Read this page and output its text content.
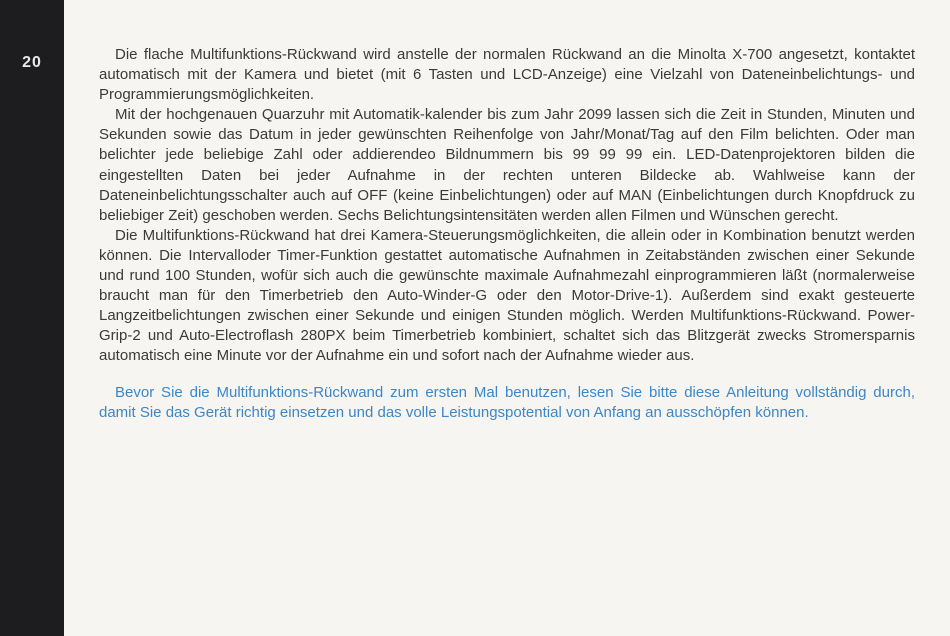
20	Die flache Multifunktions-Rückwand wird anstelle der normalen Rückwand an die Minolta X-700 angesetzt, kontaktet automatisch mit der Kamera und bietet (mit 6 Tasten und LCD-Anzeige) eine Vielzahl von Dateneinbelichtungs- und Programmierungsmöglichkeiten.

Mit der hochgenauen Quarzuhr mit Automatik-kalender bis zum Jahr 2099 lassen sich die Zeit in Stunden, Minuten und Sekunden sowie das Datum in jeder gewünschten Reihenfolge von Jahr/Monat/Tag auf den Film belichten. Oder man belichter jede beliebige Zahl oder addierendeo Bildnummern bis 99 99 99 ein. LED-Datenprojektoren bilden die eingestellten Daten bei jeder Aufnahme in der rechten unteren Bildecke ab. Wahlweise kann der Dateneinbelichtungsschalter auch auf OFF (keine Einbelichtungen) oder auf MAN (Einbelichtungen durch Knopfdruck zu beliebiger Zeit) geschoben werden. Sechs Belichtungsintensitäten werden allen Filmen und Wünschen gerecht.

Die Multifunktions-Rückwand hat drei Kamera-Steuerungsmöglichkeiten, die allein oder in Kombination benutzt werden können. Die Intervalloder Timer-Funktion gestattet automatische Aufnahmen in Zeitabständen zwischen einer Sekunde und rund 100 Stunden, wofür sich auch die gewünschte maximale Aufnahmezahl einprogrammieren läßt (normalerweise braucht man für den Timerbetrieb den Auto-Winder-G oder den Motor-Drive-1). Außerdem sind exakt gesteuerte Langzeitbelichtungen zwischen einer Sekunde und einigen Stunden möglich. Werden Multifunktions-Rückwand. Power-Grip-2 und Auto-Electroflash 280PX beim Timerbetrieb kombiniert, schaltet sich das Blitzgerät zwecks Stromersparnis automatisch eine Minute vor der Aufnahme ein und sofort nach der Aufnahme wieder aus.

Bevor Sie die Multifunktions-Rückwand zum ersten Mal benutzen, lesen Sie bitte diese Anleitung vollständig durch, damit Sie das Gerät richtig einsetzen und das volle Leistungspotential von Anfang an ausschöpfen können.
